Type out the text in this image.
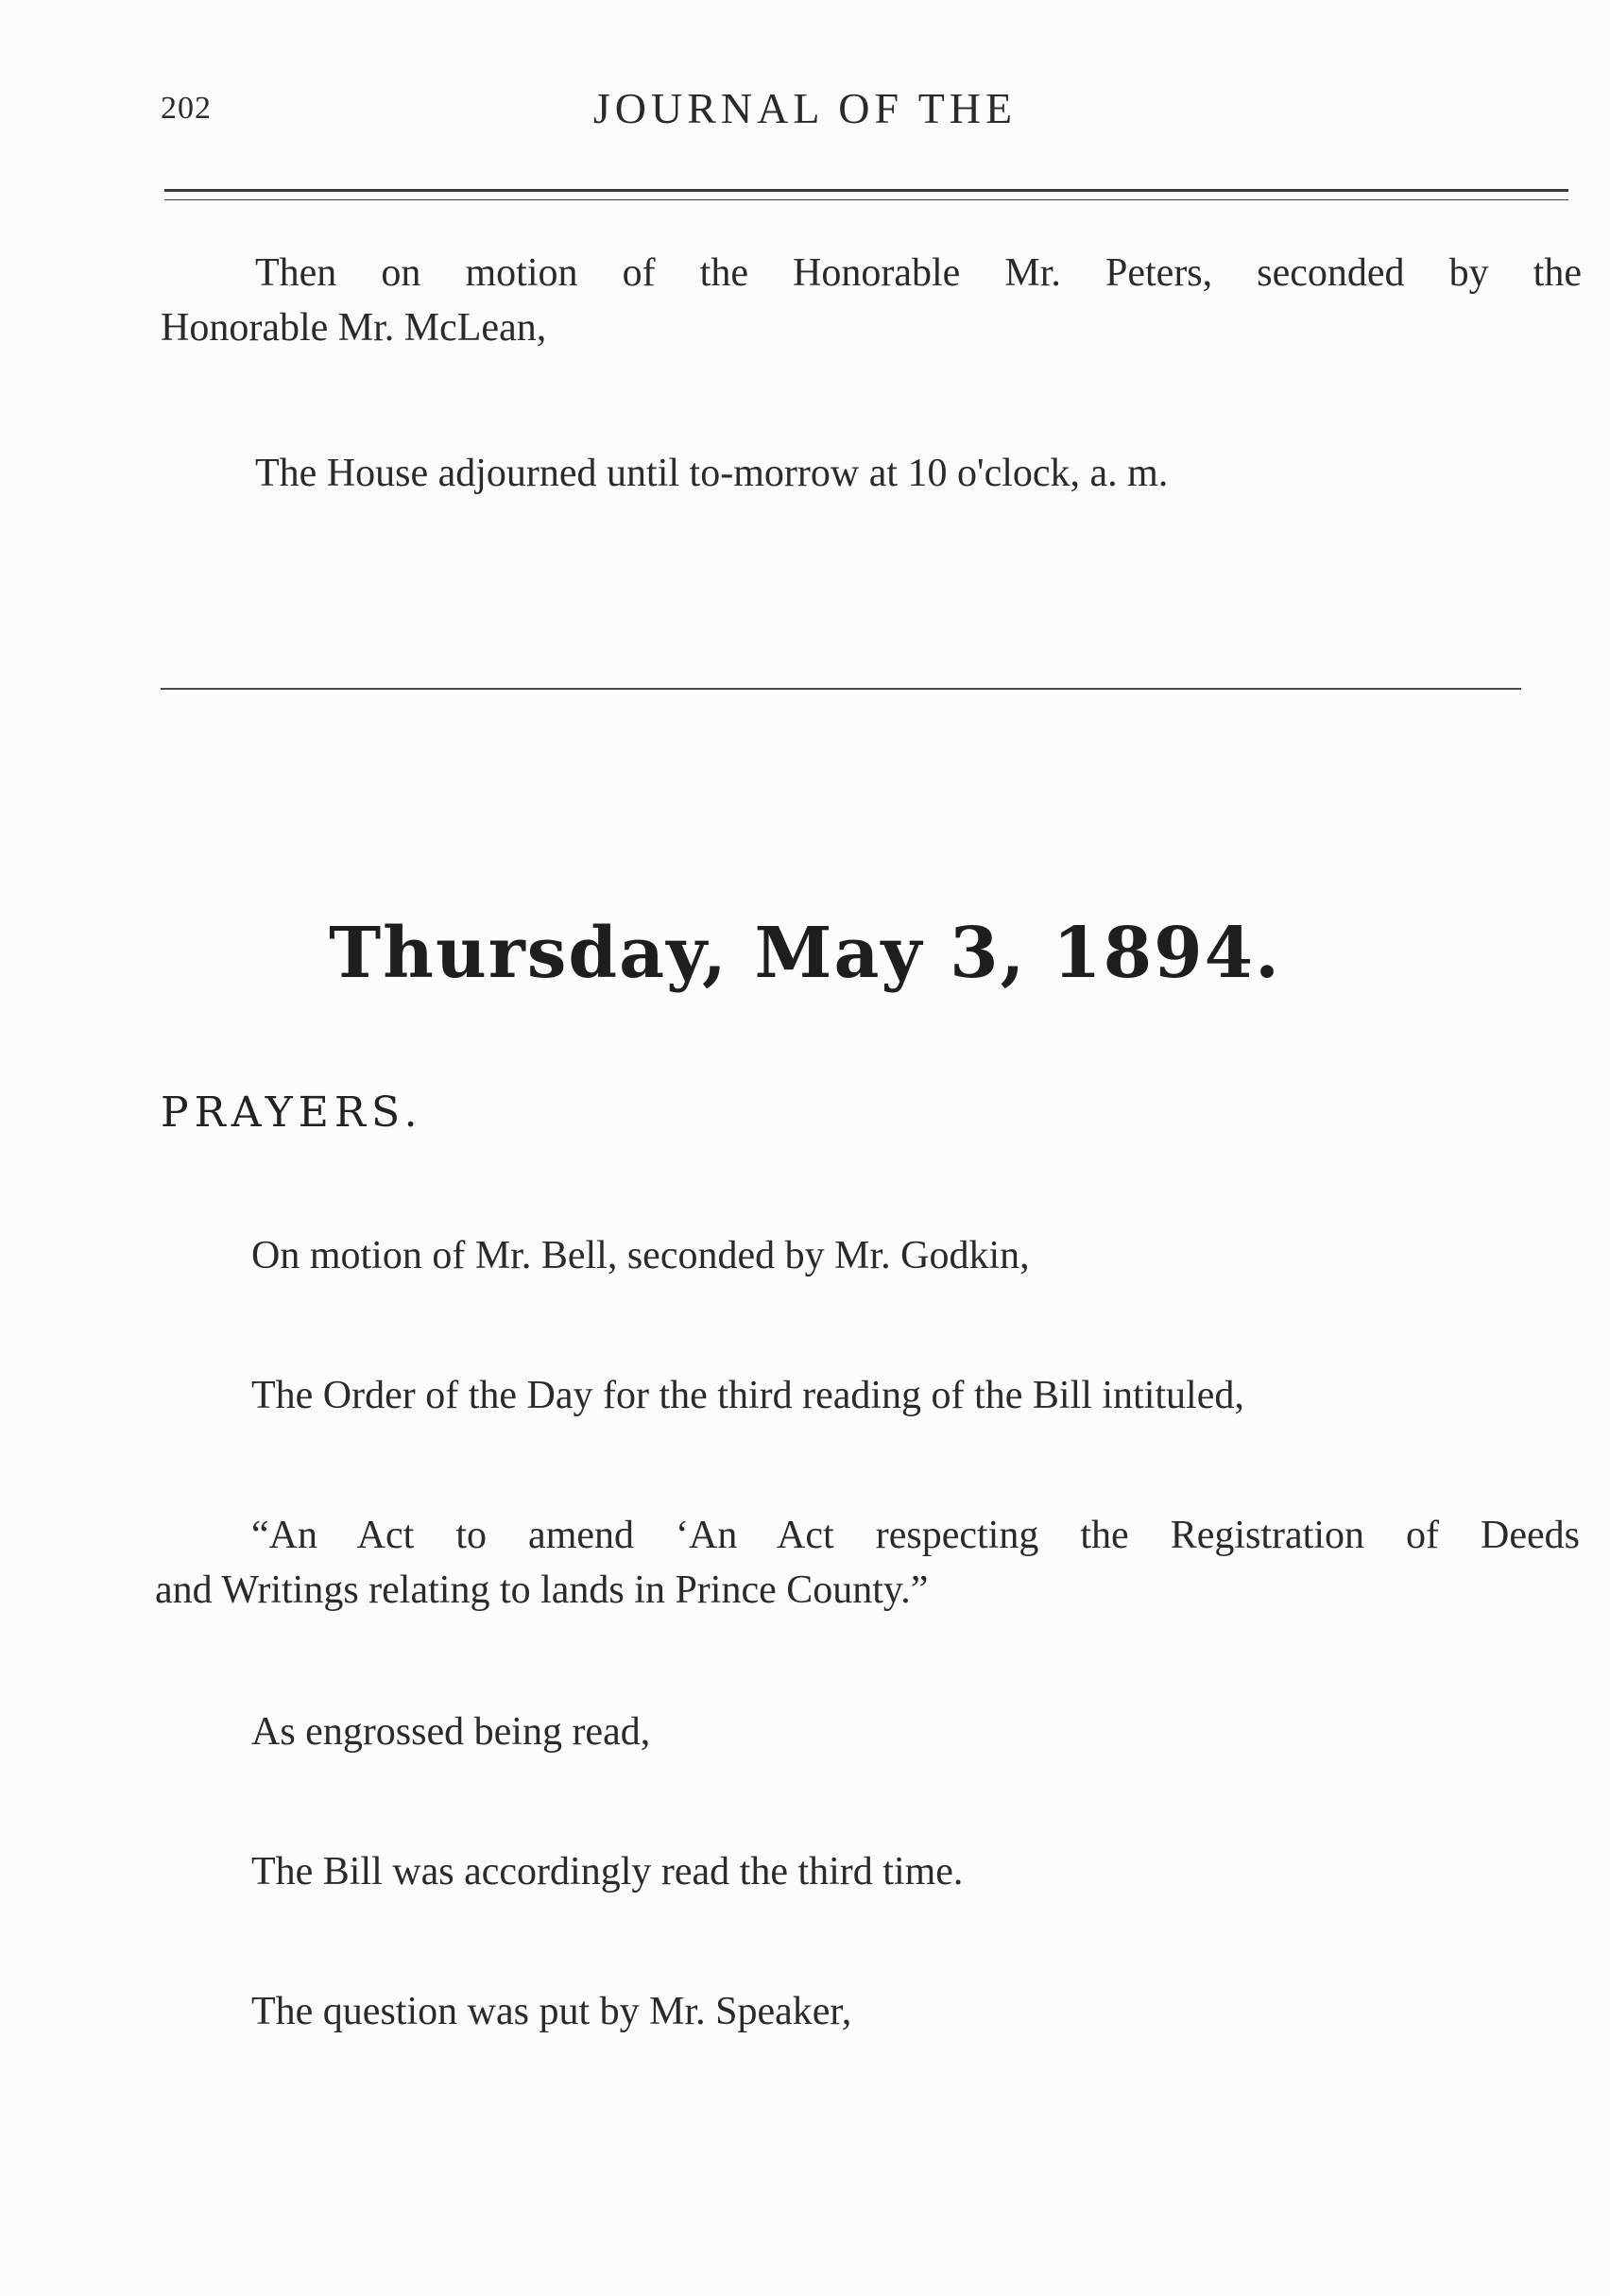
202	JOURNAL OF THE
Then on motion of the Honorable Mr. Peters, seconded by the
Honorable Mr. McLean,
The House adjourned until to-morrow at 10 o'clock, a. m.
Thursday, May 3, 1894.
PRAYERS.
On motion of Mr. Bell, seconded by Mr. Godkin,
The Order of the Day for the third reading of the Bill intituled,
“An Act to amend ‘An Act respecting the Registration of Deeds
and Writings relating to lands in Prince County.”
As engrossed being read,
The Bill was accordingly read the third time.
The question was put by Mr. Speaker,
